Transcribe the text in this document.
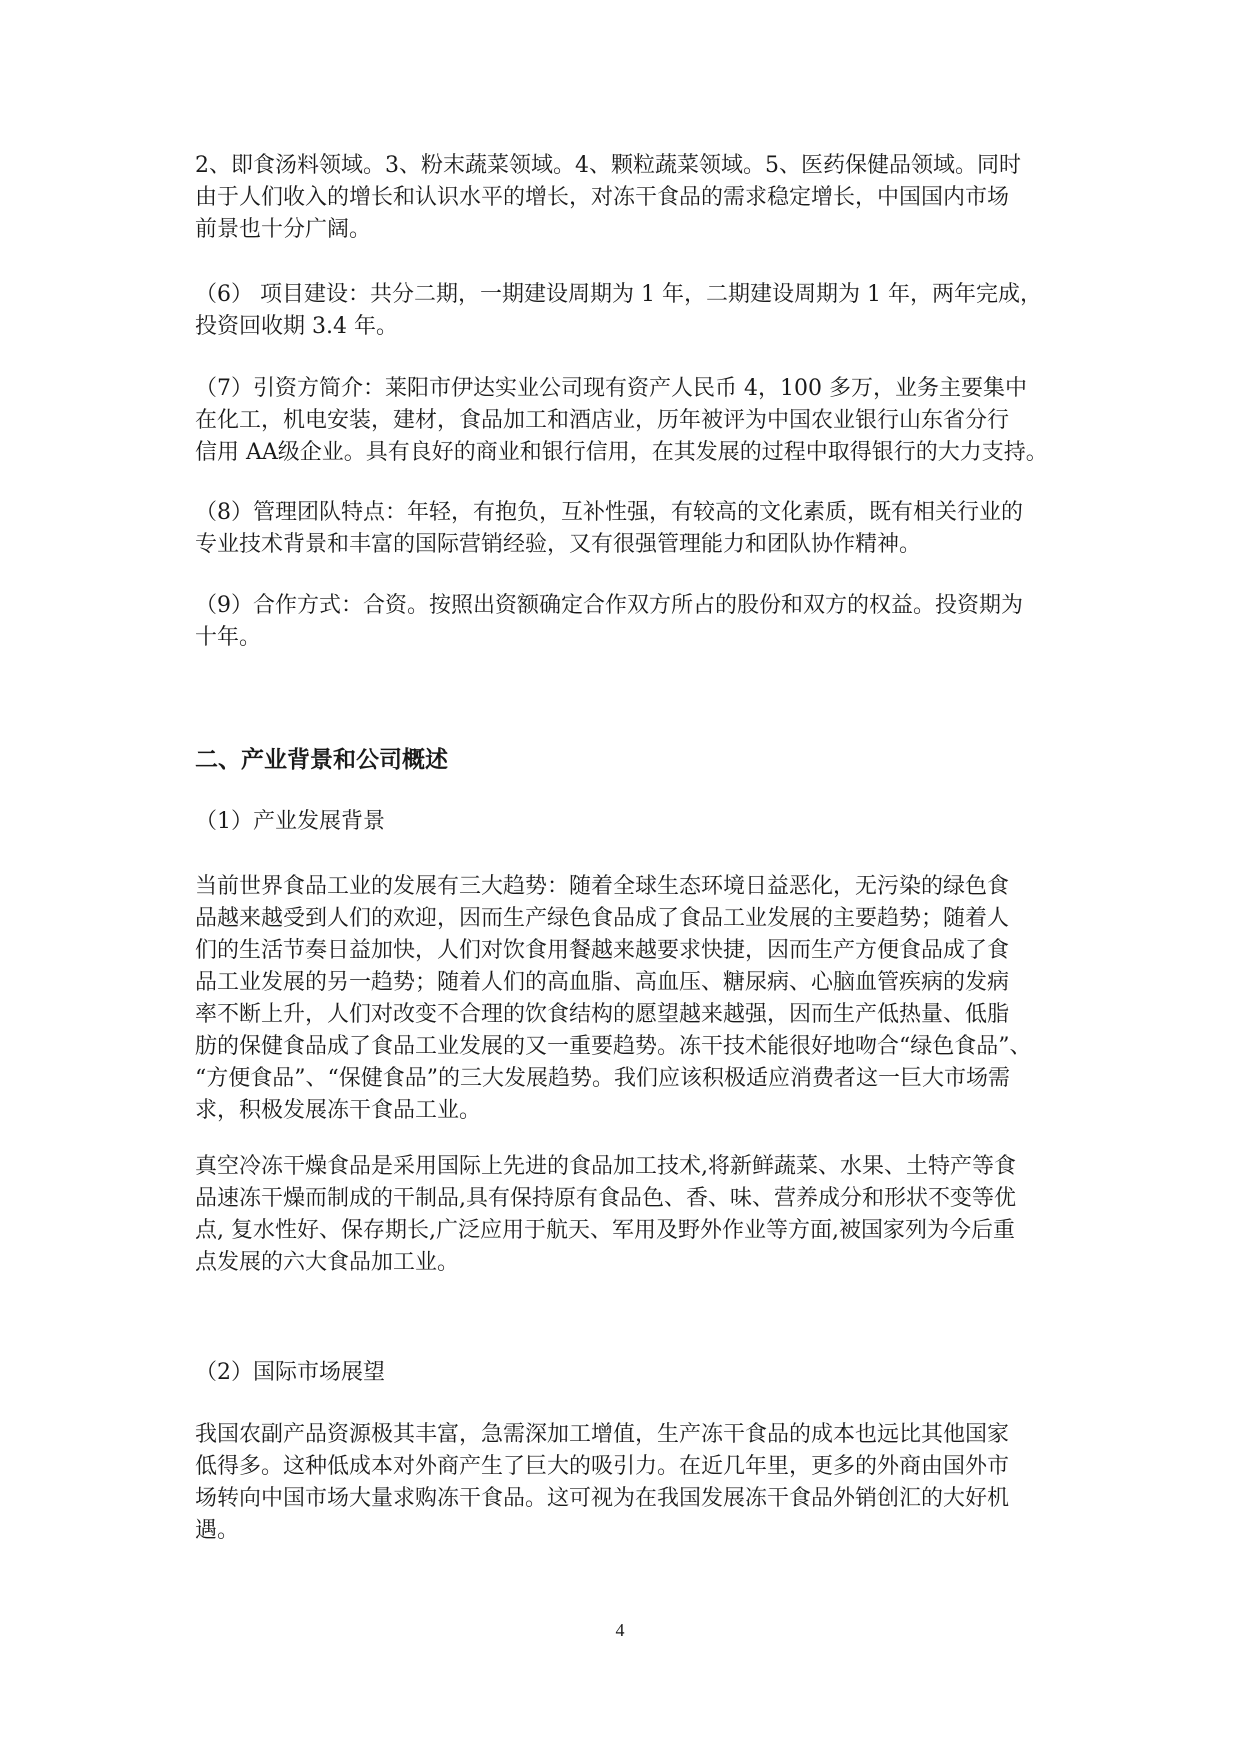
2、即食汤料领域。3、粉末蔬菜领域。4、颗粒蔬菜领域。5、医药保健品领域。同时
由于人们收入的增长和认识水平的增长，对冻干食品的需求稳定增长，中国国内市场
前景也十分广阔。
（6） 项目建设：共分二期，一期建设周期为 1 年，二期建设周期为 1 年，两年完成，
投资回收期 3.4 年。
（7）引资方简介：莱阳市伊达实业公司现有资产人民币 4，100 多万，业务主要集中
在化工，机电安装，建材，食品加工和酒店业，历年被评为中国农业银行山东省分行
信用 AA级企业。具有良好的商业和银行信用，在其发展的过程中取得银行的大力支持。
（8）管理团队特点：年轻，有抱负，互补性强，有较高的文化素质，既有相关行业的
专业技术背景和丰富的国际营销经验，又有很强管理能力和团队协作精神。
（9）合作方式：合资。按照出资额确定合作双方所占的股份和双方的权益。投资期为
十年。
二、产业背景和公司概述
（1）产业发展背景
当前世界食品工业的发展有三大趋势：随着全球生态环境日益恶化，无污染的绿色食
品越来越受到人们的欢迎，因而生产绿色食品成了食品工业发展的主要趋势；随着人
们的生活节奏日益加快，人们对饮食用餐越来越要求快捷，因而生产方便食品成了食
品工业发展的另一趋势；随着人们的高血脂、高血压、糖尿病、心脑血管疾病的发病
率不断上升，人们对改变不合理的饮食结构的愿望越来越强，因而生产低热量、低脂
肪的保健食品成了食品工业发展的又一重要趋势。冻干技术能很好地吻合“绿色食品”、
“方便食品”、“保健食品”的三大发展趋势。我们应该积极适应消费者这一巨大市场需
求，积极发展冻干食品工业。
真空冷冻干燥食品是采用国际上先进的食品加工技术,将新鲜蔬菜、水果、土特产等食
品速冻干燥而制成的干制品,具有保持原有食品色、香、味、营养成分和形状不变等优
点, 复水性好、保存期长,广泛应用于航天、军用及野外作业等方面,被国家列为今后重
点发展的六大食品加工业。
（2）国际市场展望
我国农副产品资源极其丰富，急需深加工增值，生产冻干食品的成本也远比其他国家
低得多。这种低成本对外商产生了巨大的吸引力。在近几年里，更多的外商由国外市
场转向中国市场大量求购冻干食品。这可视为在我国发展冻干食品外销创汇的大好机
遇。
4
